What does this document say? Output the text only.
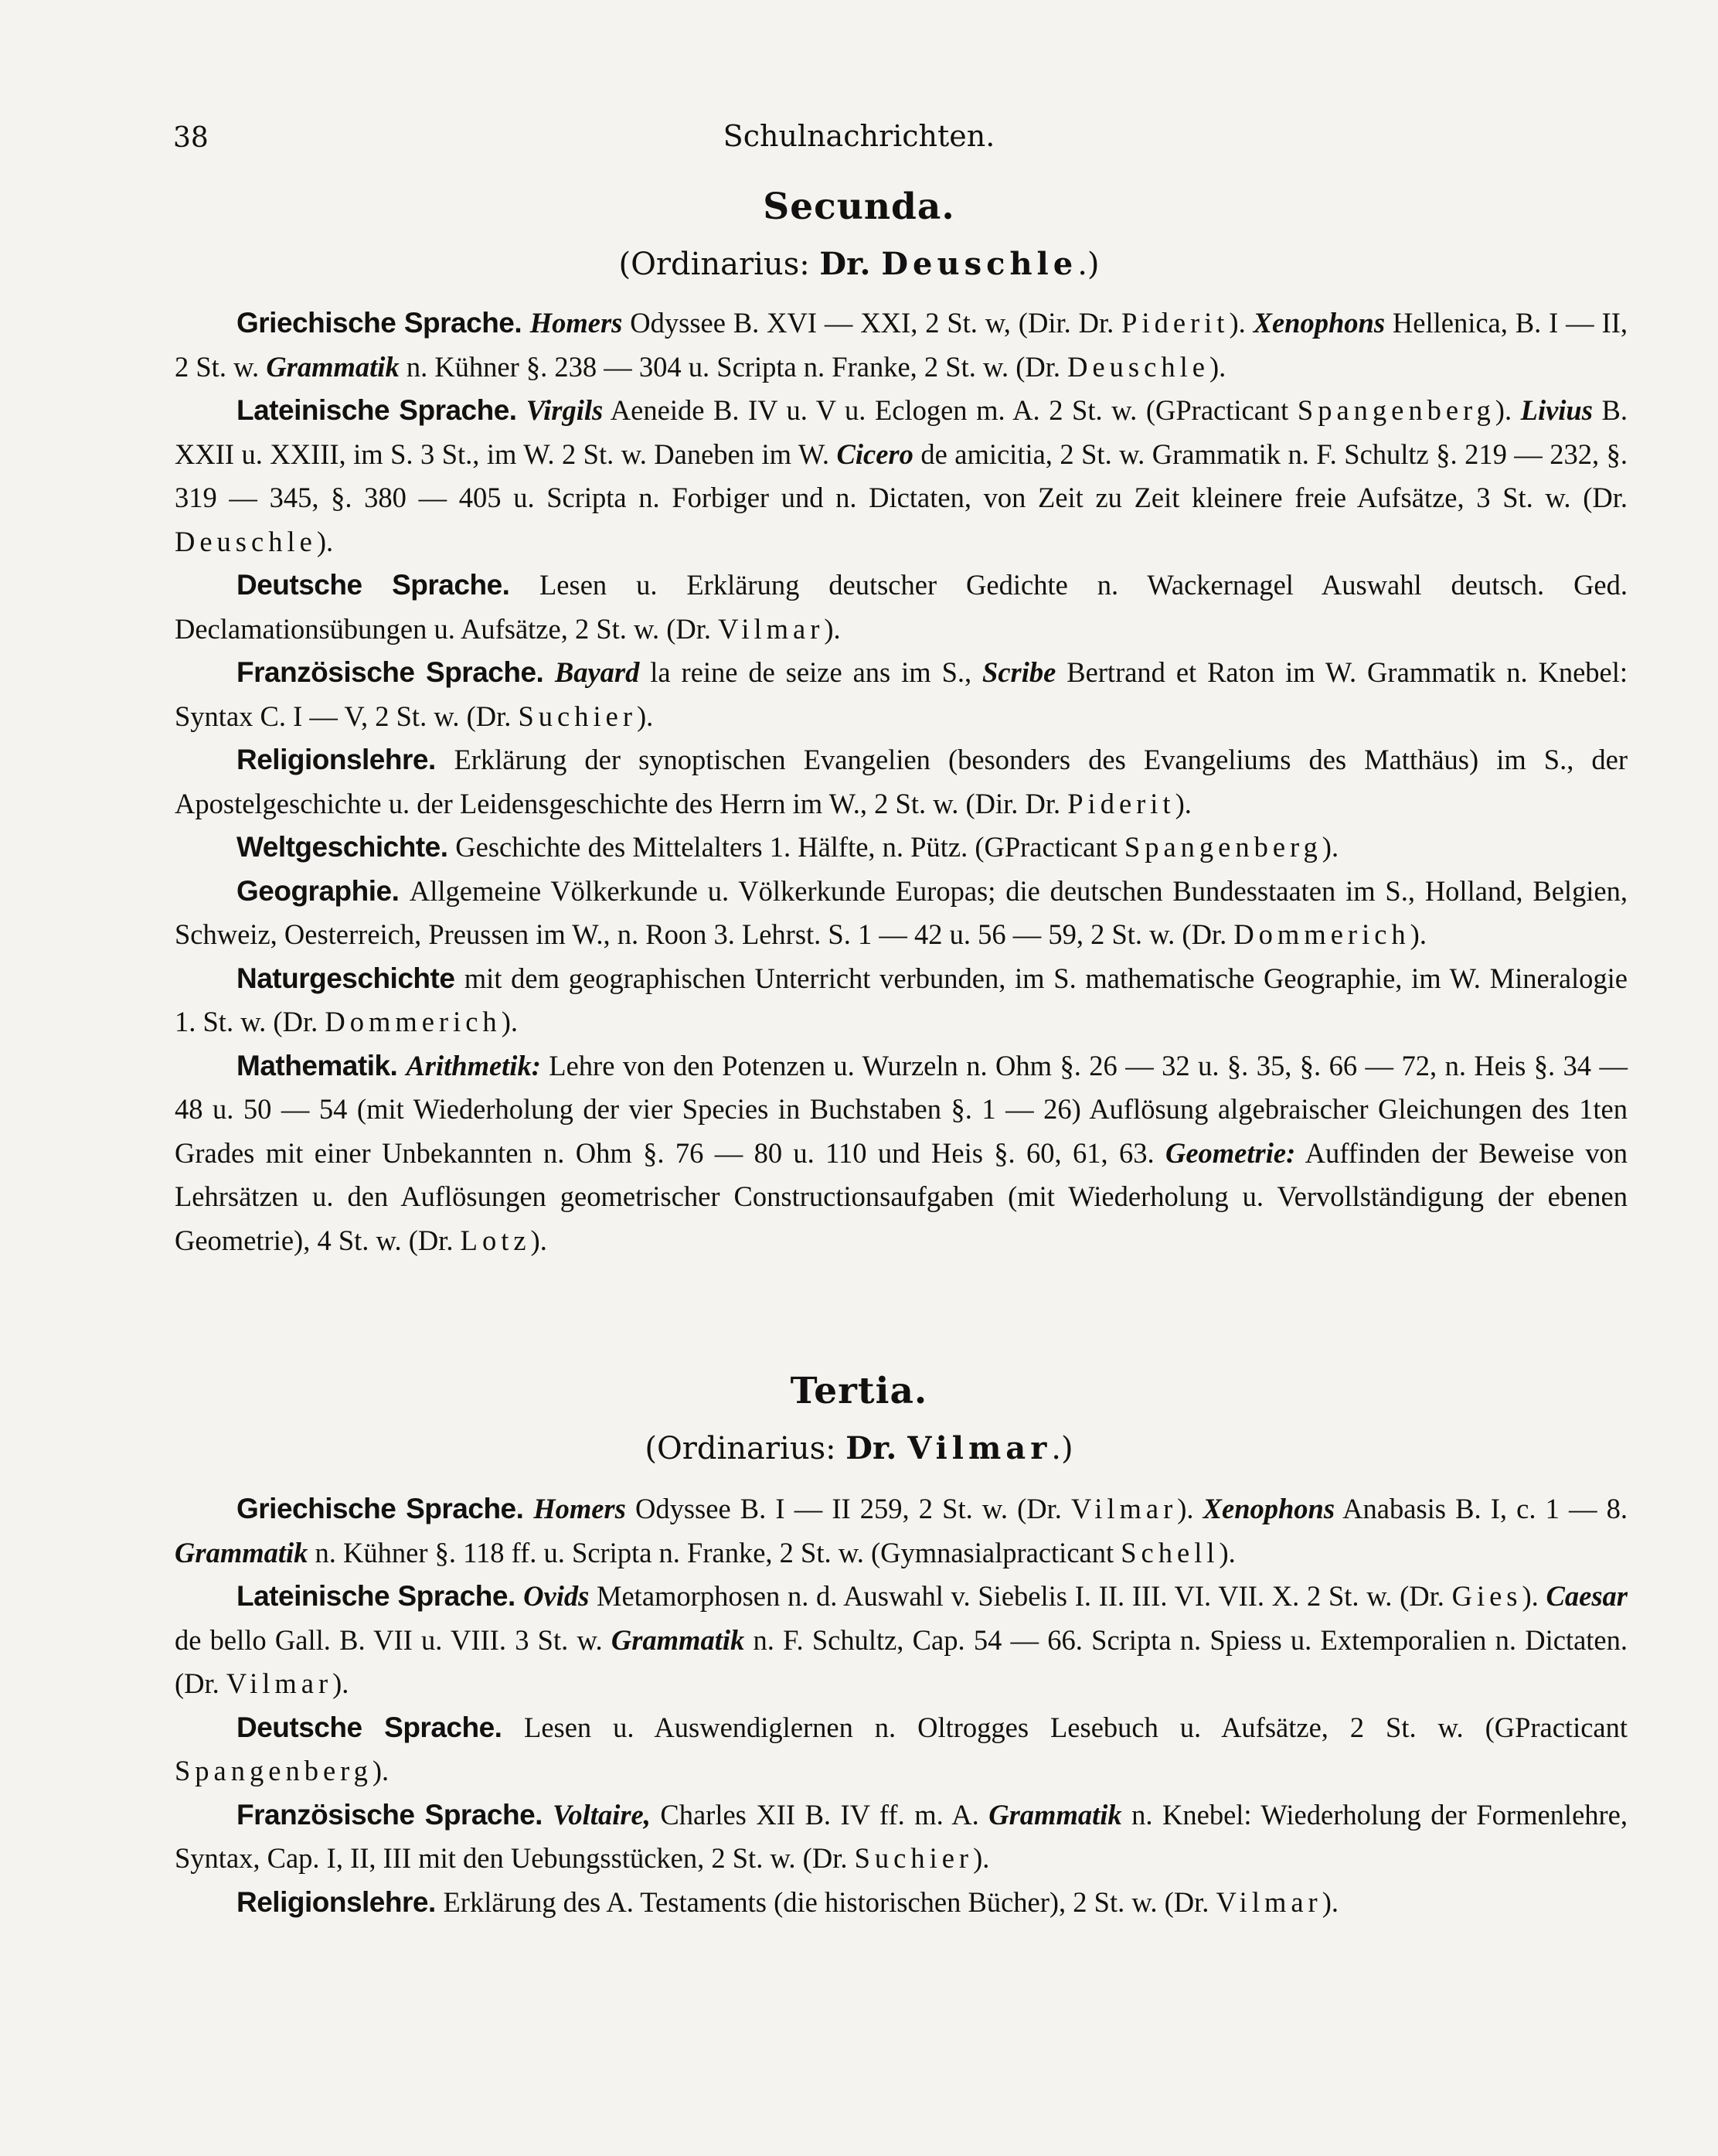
38	Schulnachrichten.
Secunda.
(Ordinarius: Dr. Deuschle.)

Griechische Sprache. Homers Odyssee B. XVI — XXI, 2 St. w, (Dir. Dr. Piderit). Xenophons Hellenica, B. I — II, 2 St. w. Grammatik n. Kühner §. 238 — 304 u. Scripta n. Franke, 2 St. w. (Dr. Deuschle).

Lateinische Sprache. Virgils Aeneide B. IV u. V u. Eclogen m. A. 2 St. w. (GPracticant Spangenberg). Livius B. XXII u. XXIII, im S. 3 St., im W. 2 St. w. Daneben im W. Cicero de amicitia, 2 St. w. Grammatik n. F. Schultz §. 219 — 232, §. 319 — 345, §. 380 — 405 u. Scripta n. Forbiger und n. Dictaten, von Zeit zu Zeit kleinere freie Aufsätze, 3 St. w. (Dr. Deuschle).

Deutsche Sprache. Lesen u. Erklärung deutscher Gedichte n. Wackernagel Auswahl deutsch. Ged. Declamationsübungen u. Aufsätze, 2 St. w. (Dr. Vilmar).

Französische Sprache. Bayard la reine de seize ans im S., Scribe Bertrand et Raton im W. Grammatik n. Knebel: Syntax C. I — V, 2 St. w. (Dr. Suchier).

Religionslehre. Erklärung der synoptischen Evangelien (besonders des Evangeliums des Matthäus) im S., der Apostelgeschichte u. der Leidensgeschichte des Herrn im W., 2 St. w. (Dir. Dr. Piderit).

Weltgeschichte. Geschichte des Mittelalters 1. Hälfte, n. Pütz. (GPracticant Spangenberg).

Geographie. Allgemeine Völkerkunde u. Völkerkunde Europas; die deutschen Bundesstaaten im S., Holland, Belgien, Schweiz, Oesterreich, Preussen im W., n. Roon 3. Lehrst. S. 1 — 42 u. 56 — 59, 2 St. w. (Dr. Dommerich).

Naturgeschichte mit dem geographischen Unterricht verbunden, im S. mathematische Geographie, im W. Mineralogie 1. St. w. (Dr. Dommerich).

Mathematik. Arithmetik: Lehre von den Potenzen u. Wurzeln n. Ohm §. 26 — 32 u. §. 35, §. 66 — 72, n. Heis §. 34 — 48 u. 50 — 54 (mit Wiederholung der vier Species in Buchstaben §. 1 — 26) Auflösung algebraischer Gleichungen des 1ten Grades mit einer Unbekannten n. Ohm §. 76 — 80 u. 110 und Heis §. 60, 61, 63. Geometrie: Auffinden der Beweise von Lehrsätzen u. den Auflösungen geometrischer Constructionsaufgaben (mit Wiederholung u. Vervollständigung der ebenen Geometrie), 4 St. w. (Dr. Lotz).

Tertia.
(Ordinarius: Dr. Vilmar.)

Griechische Sprache. Homers Odyssee B. I — II 259, 2 St. w. (Dr. Vilmar). Xenophons Anabasis B. I, c. 1 — 8. Grammatik n. Kühner §. 118 ff. u. Scripta n. Franke, 2 St. w. (Gymnasialpracticant Schell).

Lateinische Sprache. Ovids Metamorphosen n. d. Auswahl v. Siebelis I. II. III. VI. VII. X. 2 St. w. (Dr. Gies). Caesar de bello Gall. B. VII u. VIII. 3 St. w. Grammatik n. F. Schultz, Cap. 54 — 66. Scripta n. Spiess u. Extemporalien n. Dictaten. (Dr. Vilmar).

Deutsche Sprache. Lesen u. Auswendiglernen n. Oltrogges Lesebuch u. Aufsätze, 2 St. w. (GPracticant Spangenberg).

Französische Sprache. Voltaire, Charles XII B. IV ff. m. A. Grammatik n. Knebel: Wiederholung der Formenlehre, Syntax, Cap. I, II, III mit den Uebungsstücken, 2 St. w. (Dr. Suchier).

Religionslehre. Erklärung des A. Testaments (die historischen Bücher), 2 St. w. (Dr. Vilmar).
